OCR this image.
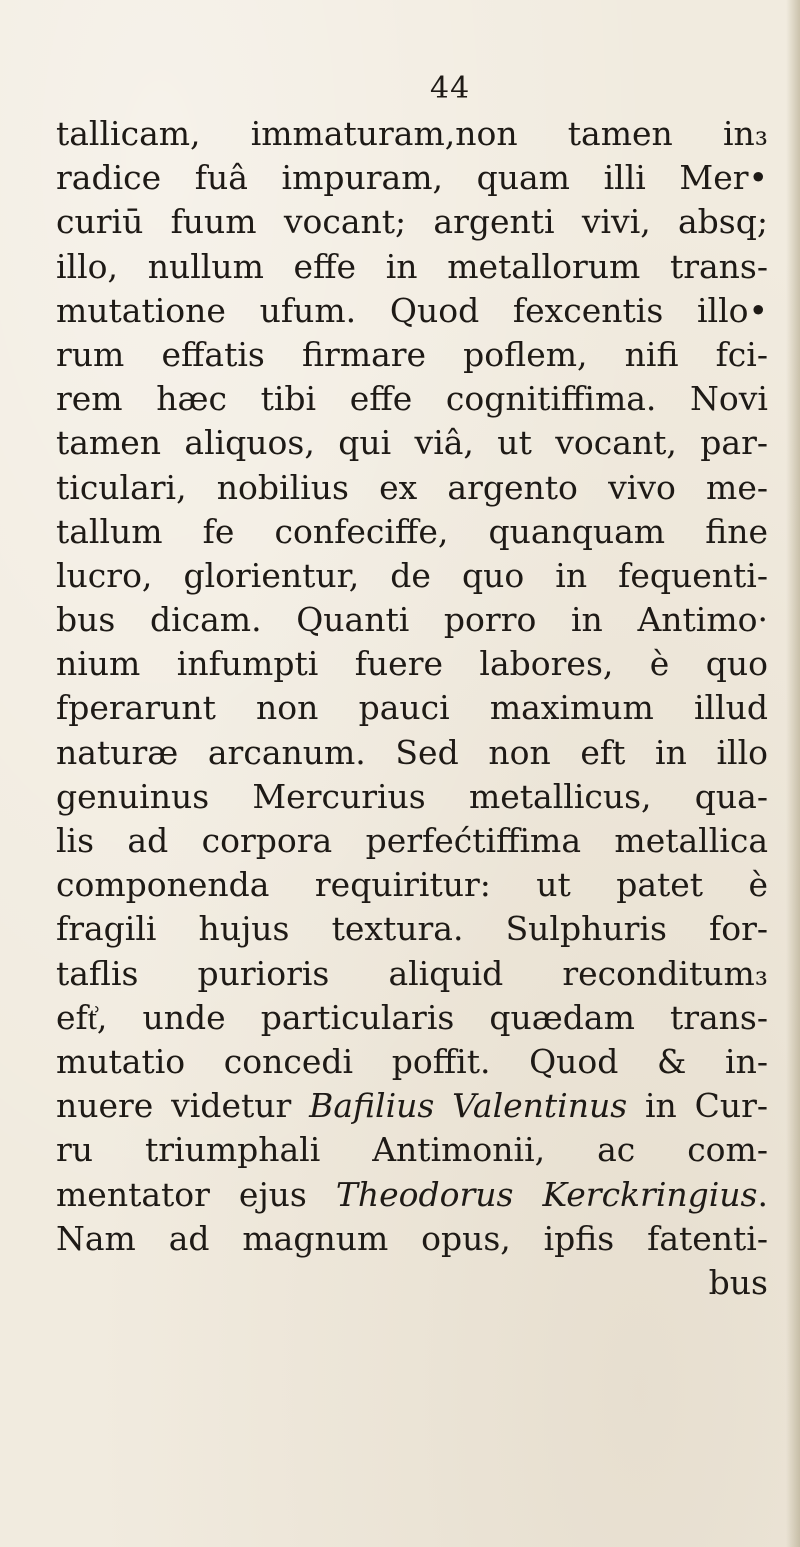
44
tallicam, immaturam,non tamen in₃
radice fuâ impuram, quam illi Mer•
curiū fuum vocant; argenti vivi, absq;
illo, nullum effe in metallorum trans-
mutatione ufum. Quod fexcentis illo•
rum effatis firmare poflem, nifi fci-
rem hæc tibi effe cognitiffima. Novi
tamen aliquos, qui viâ, ut vocant, par-
ticulari, nobilius ex argento vivo me-
tallum fe confeciffe, quanquam fine
lucro, glorientur, de quo in fequenti-
bus dicam. Quanti porro in Antimo·
nium infumpti fuere labores, è quo
fperarunt non pauci maximum illud
naturæ arcanum. Sed non eft in illo
genuinus Mercurius metallicus, qua-
lis ad corpora perfećtiffima metallica
componenda requiritur: ut patet è
fragili hujus textura. Sulphuris for-
taflis purioris aliquid reconditum₃
eft͗, unde particularis quædam trans-
mutatio concedi poffit. Quod & in-
nuere videtur Bafilius Valentinus in Cur-
ru triumphali Antimonii, ac com-
mentator ejus Theodorus Kerckringius.
Nam ad magnum opus, ipfis fatenti-
bus
